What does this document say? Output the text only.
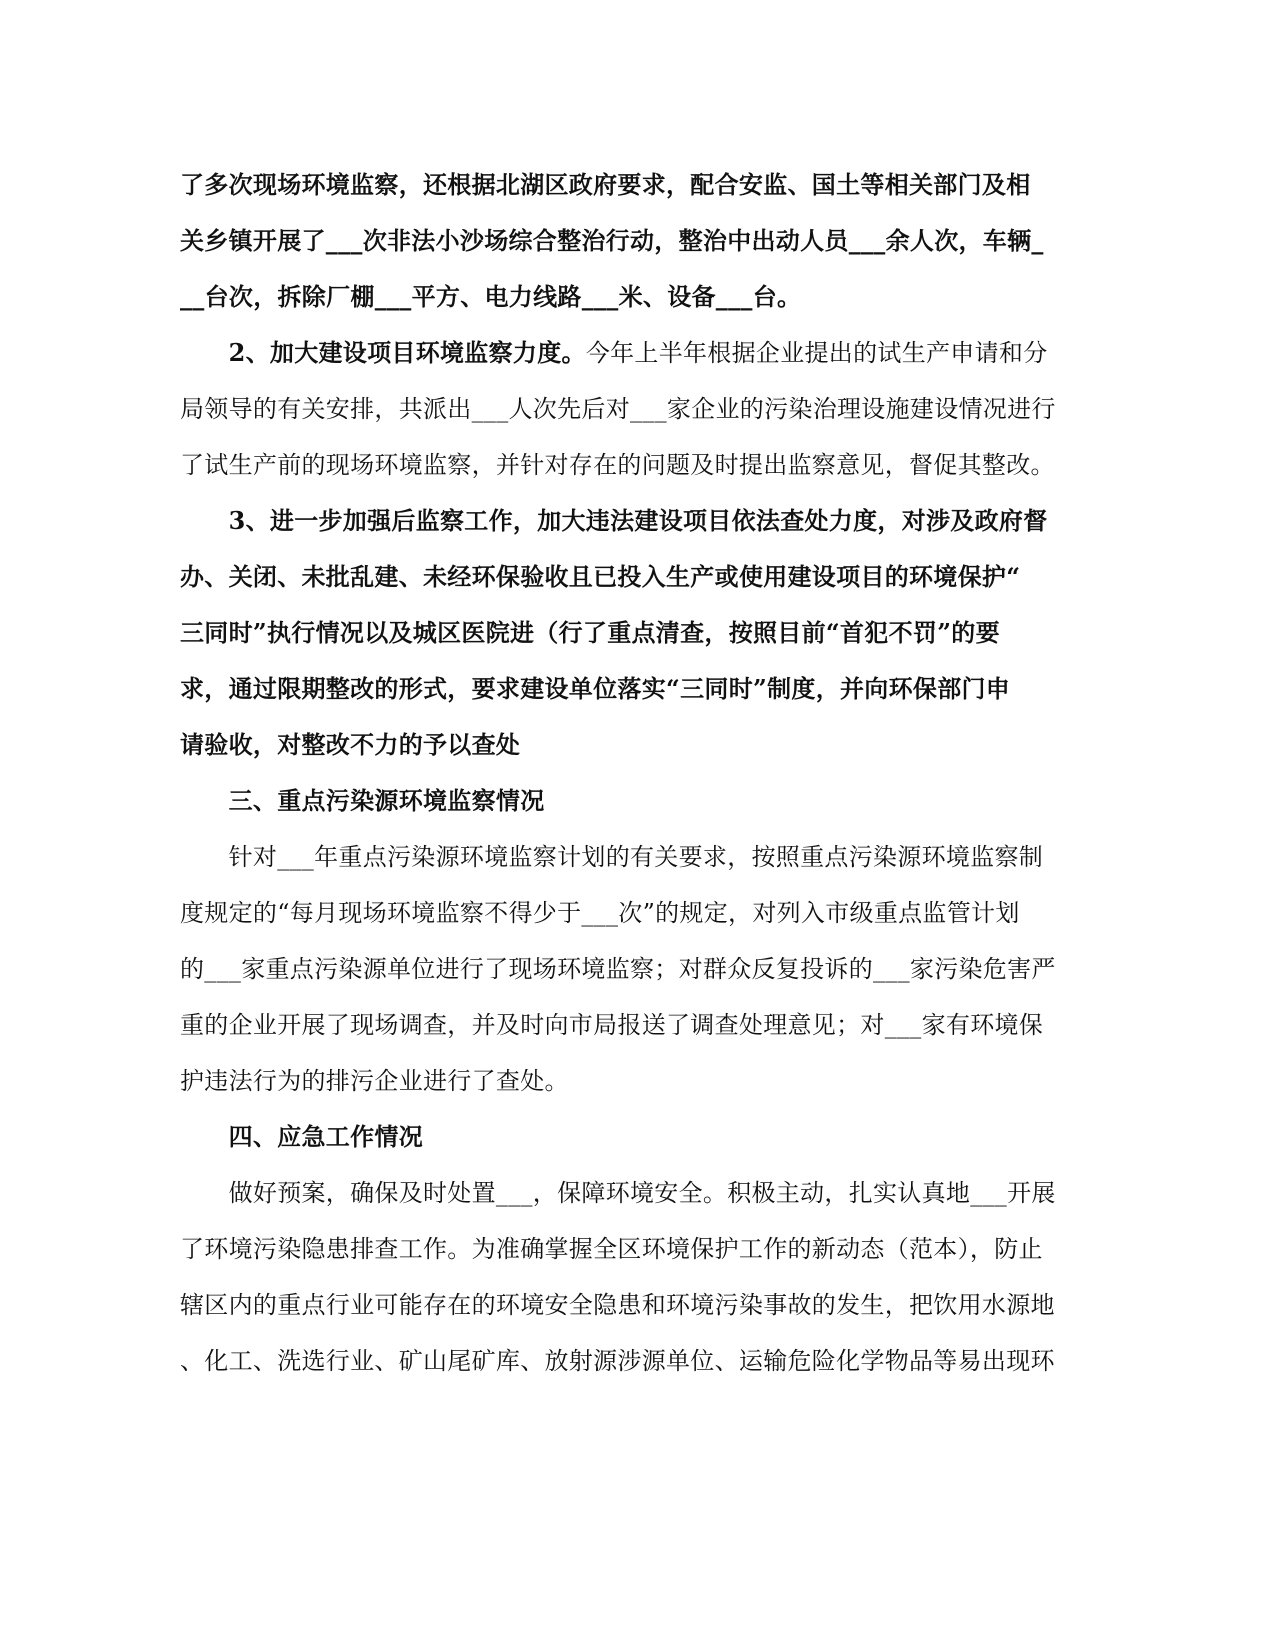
了多次现场环境监察，还根据北湖区政府要求，配合安监、国土等相关部门及相
关乡镇开展了___次非法小沙场综合整治行动，整治中出动人员___余人次，车辆_
__台次，拆除厂棚___平方、电力线路___米、设备___台。
　　2、加大建设项目环境监察力度。今年上半年根据企业提出的试生产申请和分
局领导的有关安排，共派出___人次先后对___家企业的污染治理设施建设情况进行
了试生产前的现场环境监察，并针对存在的问题及时提出监察意见，督促其整改。
　　3、进一步加强后监察工作，加大违法建设项目依法查处力度，对涉及政府督
办、关闭、未批乱建、未经环保验收且已投入生产或使用建设项目的环境保护“
三同时”执行情况以及城区医院进（行了重点清查，按照目前“首犯不罚”的要
求，通过限期整改的形式，要求建设单位落实“三同时”制度，并向环保部门申
请验收，对整改不力的予以查处
　　三、重点污染源环境监察情况
　　针对___年重点污染源环境监察计划的有关要求，按照重点污染源环境监察制
度规定的“每月现场环境监察不得少于___次”的规定，对列入市级重点监管计划
的___家重点污染源单位进行了现场环境监察；对群众反复投诉的___家污染危害严
重的企业开展了现场调查，并及时向市局报送了调查处理意见；对___家有环境保
护违法行为的排污企业进行了查处。
　　四、应急工作情况
　　做好预案，确保及时处置___，保障环境安全。积极主动，扎实认真地___开展
了环境污染隐患排查工作。为准确掌握全区环境保护工作的新动态（范本），防止
辖区内的重点行业可能存在的环境安全隐患和环境污染事故的发生，把饮用水源地
、化工、洗选行业、矿山尾矿库、放射源涉源单位、运输危险化学物品等易出现环
